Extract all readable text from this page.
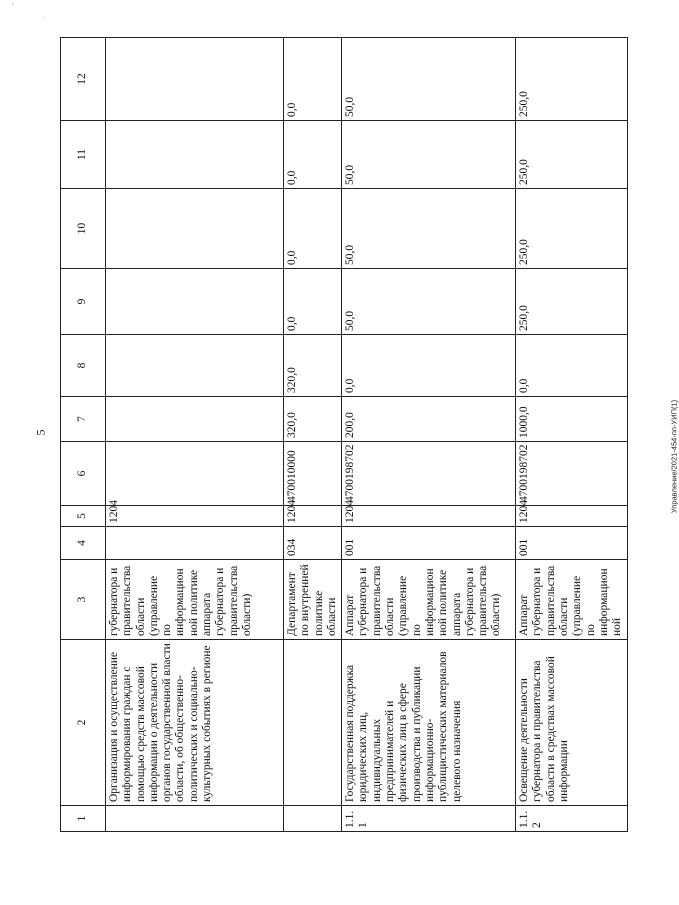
'
.
5	Управление/2021-454-пп-УИП(1)
1	2	3	4	5	6	7	8	9	10	11	12
	Организация и осуществление информирования граждан с помощью средств массовой информации о деятельности органов государственной власти области, об общественно-политических и социально-культурных событиях в регионе	губернатора и правительства области (управление по информационной политике аппарата губернатора и правительства области)		1204							
		Департамент по внутренней политике области	034	1204	470010000	320,0	320,0	0,0	0,0	0,0	0,0
1.1.1	Государственная поддержка юридических лиц, индивидуальных предпринимателей и физических лиц в сфере производства и публикации информационно-публицистических материалов целевого назначения	Аппарат губернатора и правительства области (управление по информационной политике аппарата губернатора и правительства области)	001	1204	4700198702	200,0	0,0	50,0	50,0	50,0	50,0
1.1.2	Освещение деятельности губернатора и правительства области в средствах массовой информации	Аппарат губернатора и правительства области (управление по информационной	001	1204	4700198702	1000,0	0,0	250,0	250,0	250,0	250,0
